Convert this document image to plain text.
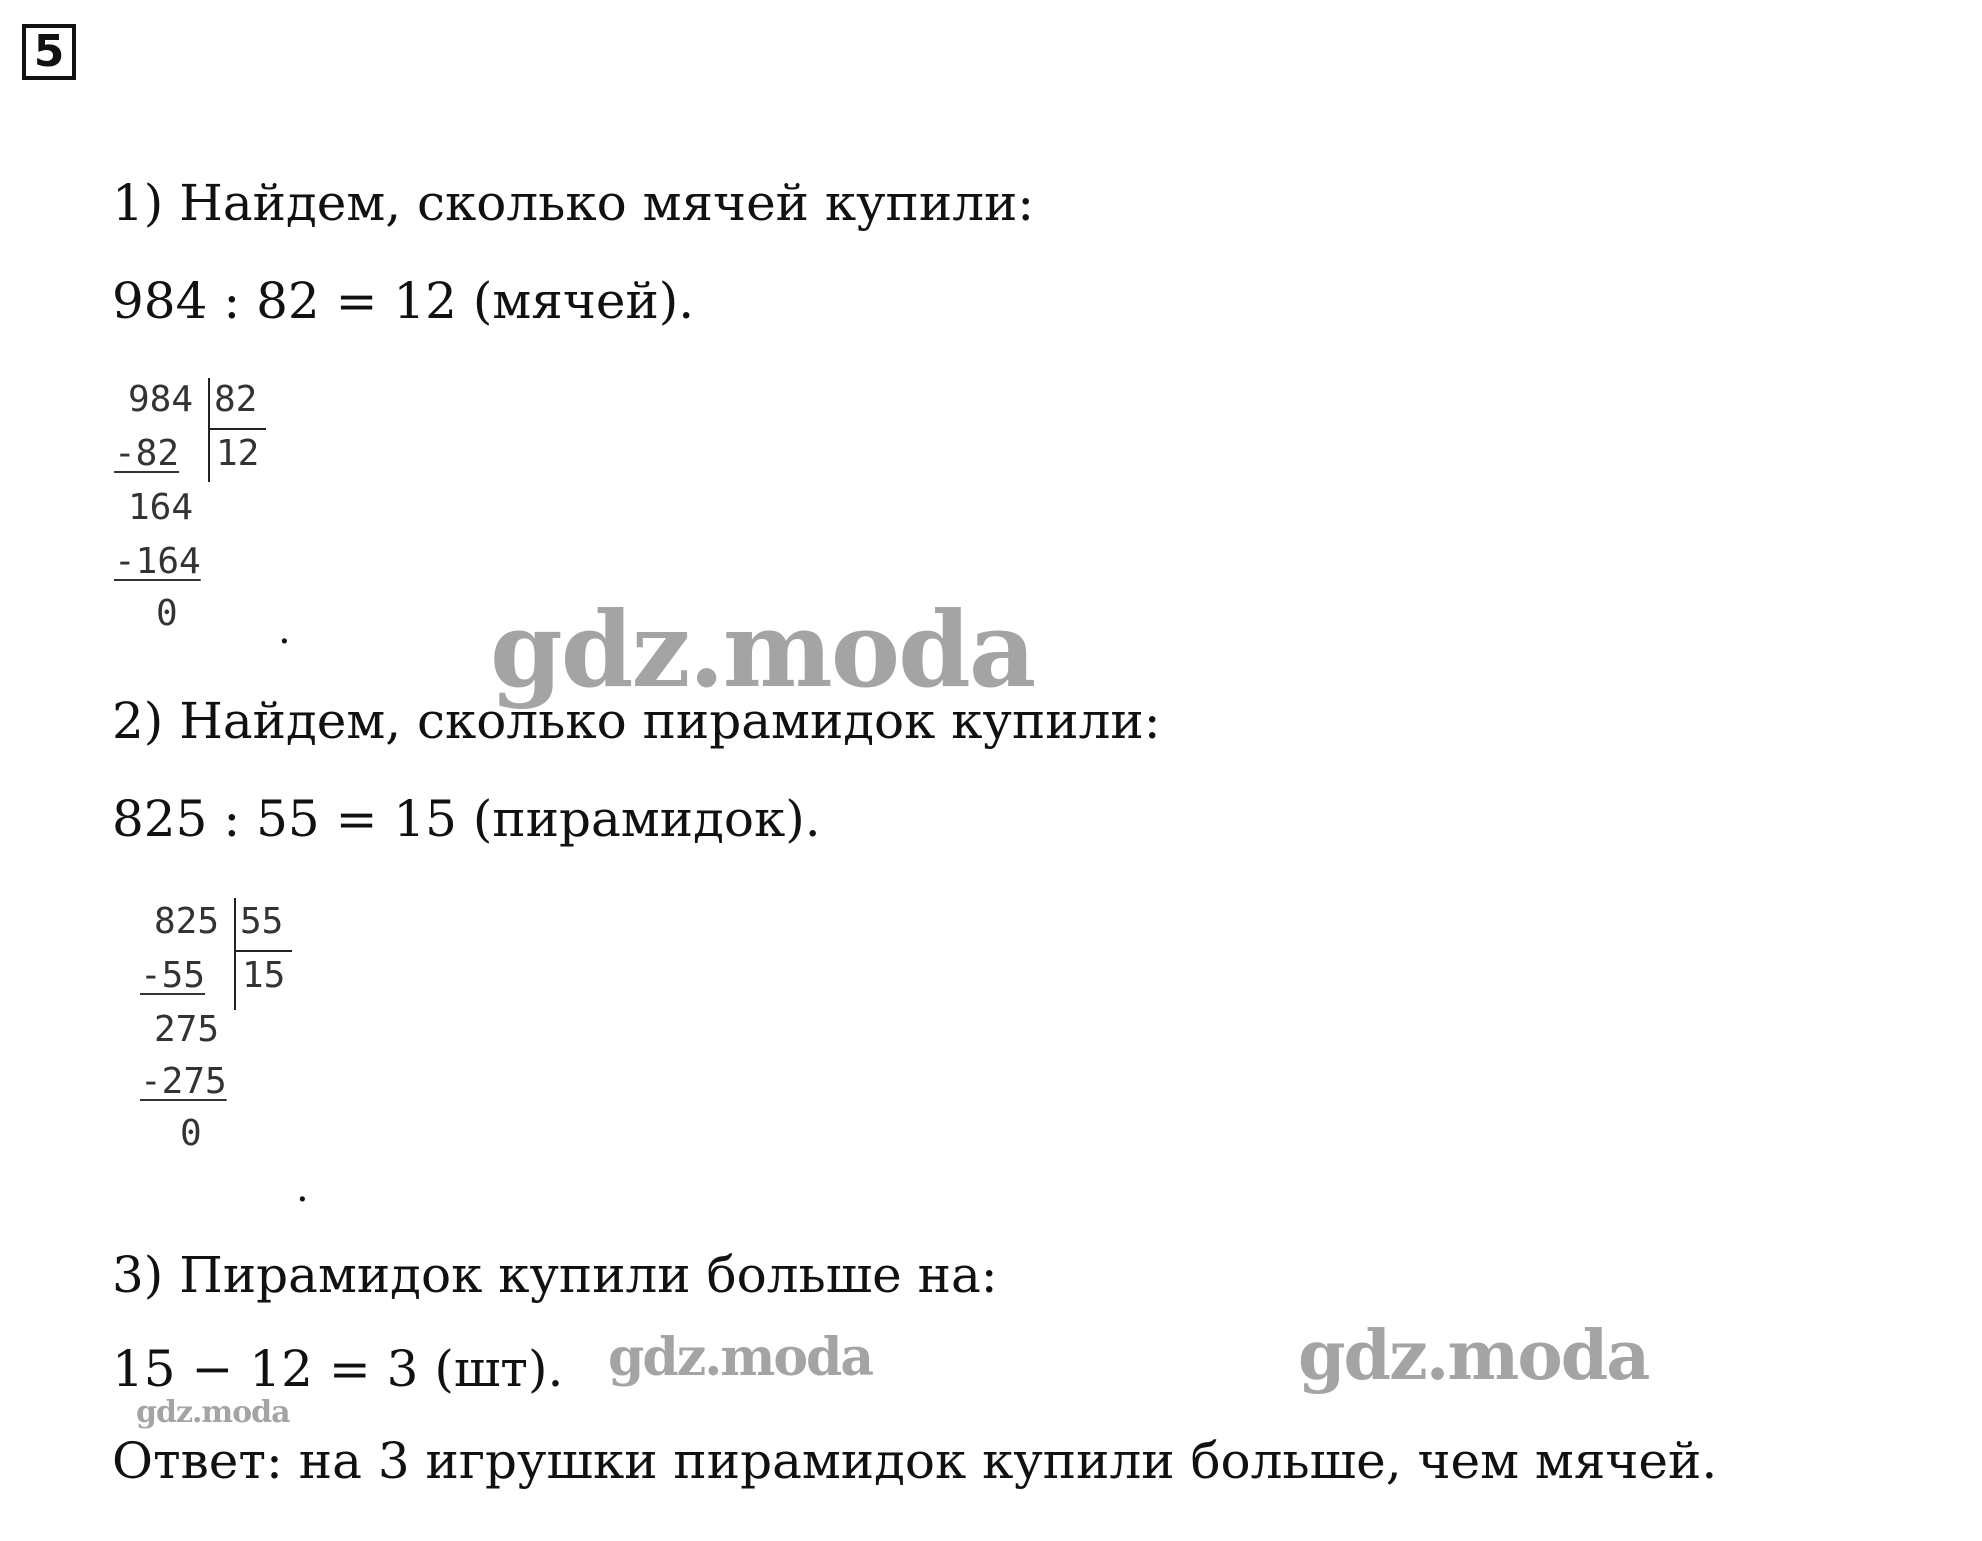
5
1) Найдем, сколько мячей купили:
984 : 82 = 12 (мячей).
984 82
-82 12
164
-164
0	.
2) Найдем, сколько пирамидок купили:
825 : 55 = 15 (пирамидок).
825 55
-55 15
275
-275
0
.
3) Пирамидок купили больше на:
15 − 12 = 3 (шт).
Ответ: на 3 игрушки пирамидок купили больше, чем мячей.
gdz.moda
gdz.moda	gdz.moda
gdz.moda
